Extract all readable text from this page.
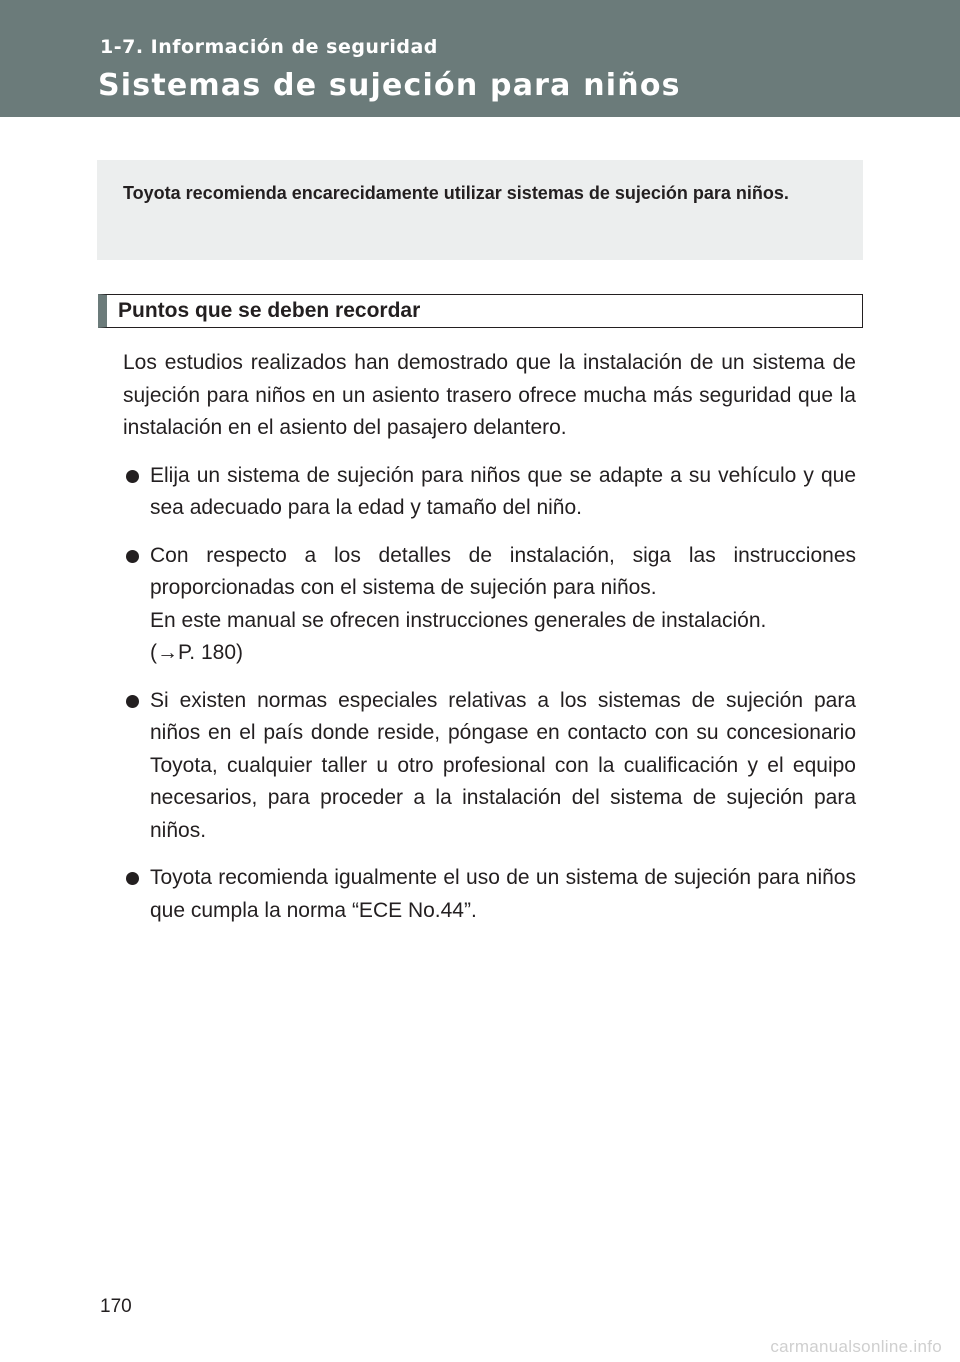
1-7. Información de seguridad
Sistemas de sujeción para niños

Toyota recomienda encarecidamente utilizar sistemas de sujeción para niños.

Puntos que se deben recordar

Los estudios realizados han demostrado que la instalación de un sistema de sujeción para niños en un asiento trasero ofrece mucha más seguridad que la instalación en el asiento del pasajero delantero.

Elija un sistema de sujeción para niños que se adapte a su vehículo y que sea adecuado para la edad y tamaño del niño.
Con respecto a los detalles de instalación, siga las instrucciones proporcionadas con el sistema de sujeción para niños.
En este manual se ofrecen instrucciones generales de instalación.
(→P. 180)
Si existen normas especiales relativas a los sistemas de sujeción para niños en el país donde reside, póngase en contacto con su concesionario Toyota, cualquier taller u otro profesional con la cualificación y el equipo necesarios, para proceder a la instalación del sistema de sujeción para niños.
Toyota recomienda igualmente el uso de un sistema de sujeción para niños que cumpla la norma “ECE No.44”.
170
carmanualsonline.info
